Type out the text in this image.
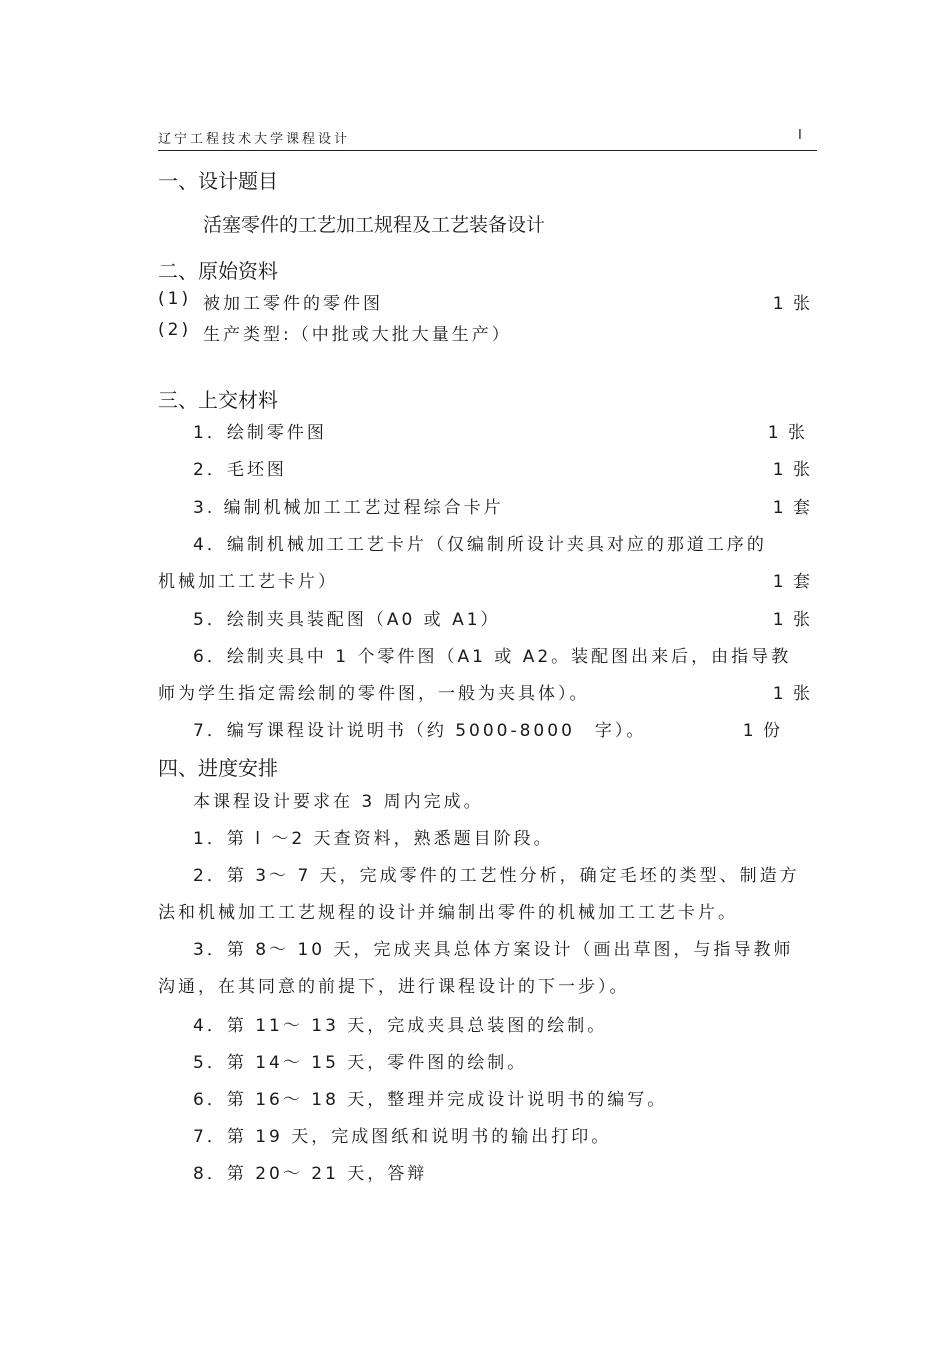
辽宁工程技术大学课程设计	I
一、设计题目
活塞零件的工艺加工规程及工艺装备设计
二、原始资料
(1) 被加工零件的零件图	1 张
(2) 生产类型:（中批或大批大量生产）
三、上交材料
1．绘制零件图	1 张
2．毛坯图	1 张
3. 编制机械加工工艺过程综合卡片	1 套
4．编制机械加工工艺卡片（仅编制所设计夹具对应的那道工序的
机械加工工艺卡片）	1 套
5．绘制夹具装配图（A0 或 A1）	1 张
6．绘制夹具中 1 个零件图（A1 或 A2。装配图出来后，由指导教
师为学生指定需绘制的零件图，一般为夹具体）。	1 张
7．编写课程设计说明书（约 5000-8000　字）。	1 份
四、进度安排
本课程设计要求在 3 周内完成。
1．第 l ～2 天查资料，熟悉题目阶段。
2．第 3～ 7 天，完成零件的工艺性分析，确定毛坯的类型、制造方
法和机械加工工艺规程的设计并编制出零件的机械加工工艺卡片。
3．第 8～ 10 天，完成夹具总体方案设计（画出草图，与指导教师
沟通，在其同意的前提下，进行课程设计的下一步）。
4．第 11～ 13 天，完成夹具总装图的绘制。
5．第 14～ 15 天，零件图的绘制。
6．第 16～ 18 天，整理并完成设计说明书的编写。
7．第 19 天，完成图纸和说明书的输出打印。
8．第 20～ 21 天，答辩
